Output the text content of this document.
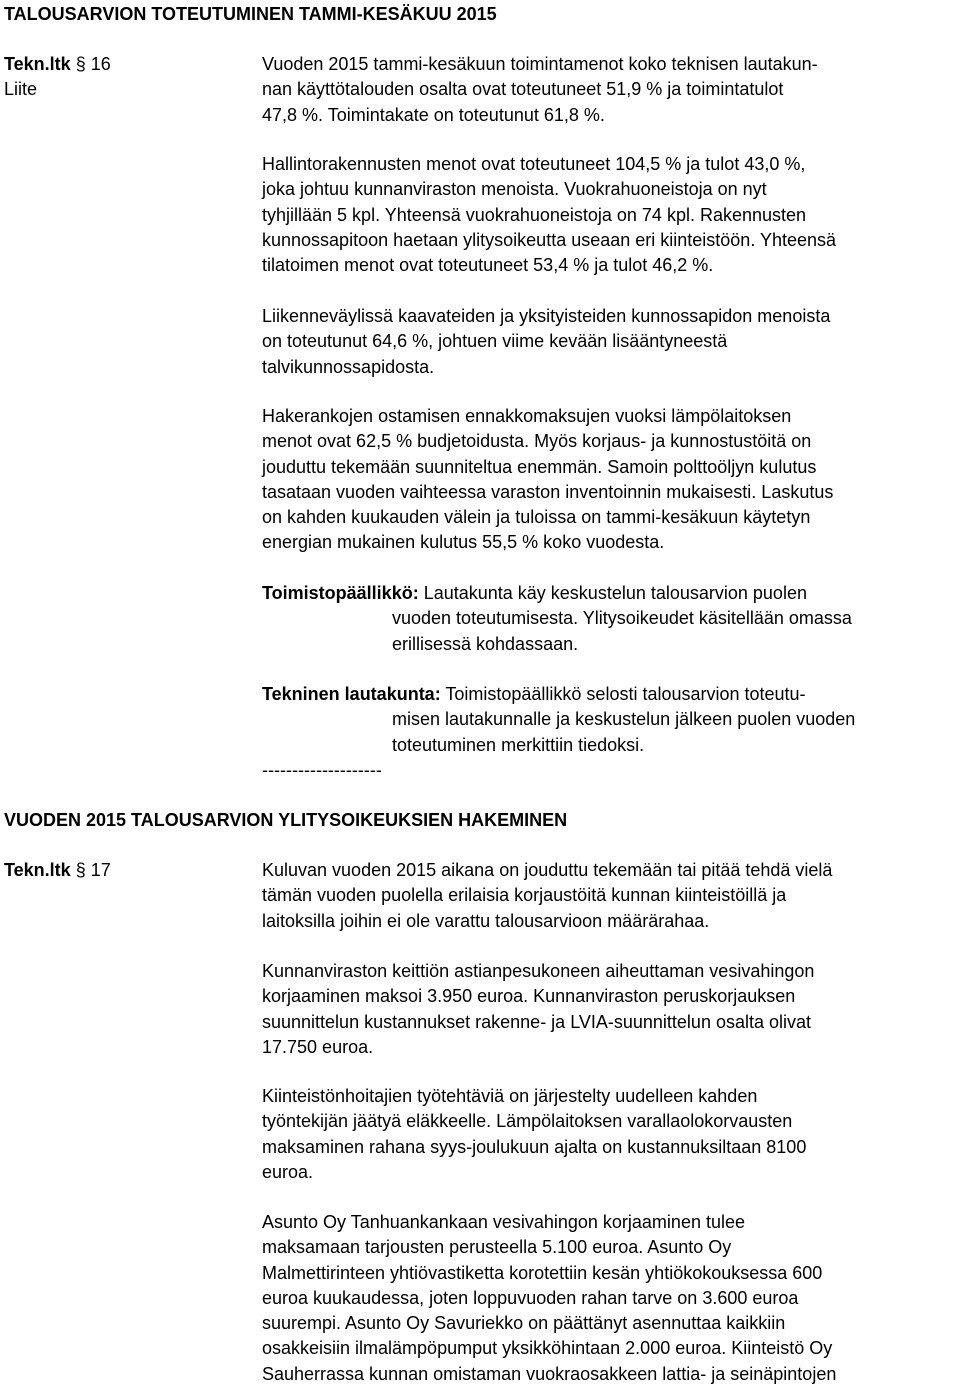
TALOUSARVION TOTEUTUMINEN TAMMI-KESÄKUU 2015
Tekn.ltk § 16
Liite

Vuoden 2015 tammi-kesäkuun toimintamenot koko teknisen lautakun-

nan käyttötalouden osalta ovat toteutuneet 51,9 % ja toimintatulot

47,8 %. Toimintakate on toteutunut 61,8 %.

Hallintorakennusten menot ovat toteutuneet 104,5 % ja tulot 43,0 %,

joka johtuu kunnanviraston menoista. Vuokrahuoneistoja on nyt

tyhjillään 5 kpl. Yhteensä vuokrahuoneistoja on 74 kpl. Rakennusten

kunnossapitoon haetaan ylitysoikeutta useaan eri kiinteistöön. Yhteensä

tilatoimen menot ovat toteutuneet 53,4 % ja tulot 46,2 %.

Liikenneväylissä kaavateiden ja yksityisteiden kunnossapidon menoista

on toteutunut 64,6 %, johtuen viime kevään lisääntyneestä

talvikunnossapidosta.

Hakerankojen ostamisen ennakkomaksujen vuoksi lämpölaitoksen

menot ovat 62,5 % budjetoidusta. Myös korjaus- ja kunnostustöitä on

jouduttu tekemään suunniteltua enemmän. Samoin polttoöljyn kulutus

tasataan vuoden vaihteessa varaston inventoinnin mukaisesti. Laskutus

on kahden kuukauden välein ja tuloissa on tammi-kesäkuun käytetyn

energian mukainen kulutus 55,5 % koko vuodesta.

Toimistopäällikkö: Lautakunta käy keskustelun talousarvion puolen

vuoden toteutumisesta. Ylitysoikeudet käsitellään omassa

erillisessä kohdassaan.

Tekninen lautakunta: Toimistopäällikkö selosti talousarvion toteutu-

misen lautakunnalle ja keskustelun jälkeen puolen vuoden

toteutuminen merkittiin tiedoksi.

--------------------
VUODEN 2015 TALOUSARVION YLITYSOIKEUKSIEN HAKEMINEN
Tekn.ltk § 17	Kuluvan vuoden 2015 aikana on jouduttu tekemään tai pitää tehdä vielä

tämän vuoden puolella erilaisia korjaustöitä kunnan kiinteistöillä ja

laitoksilla joihin ei ole varattu talousarvioon määrärahaa.

Kunnanviraston keittiön astianpesukoneen aiheuttaman vesivahingon

korjaaminen maksoi 3.950 euroa. Kunnanviraston peruskorjauksen

suunnittelun kustannukset rakenne- ja LVIA-suunnittelun osalta olivat

17.750 euroa.

Kiinteistönhoitajien työtehtäviä on järjestelty uudelleen kahden

työntekijän jäätyä eläkkeelle. Lämpölaitoksen varallaolokorvausten

maksaminen rahana syys-joulukuun ajalta on kustannuksiltaan 8100

euroa.

Asunto Oy Tanhuankankaan vesivahingon korjaaminen tulee

maksamaan tarjousten perusteella 5.100 euroa. Asunto Oy

Malmettirinteen yhtiövastiketta korotettiin kesän yhtiökokouksessa 600

euroa kuukaudessa, joten loppuvuoden rahan tarve on 3.600 euroa

suurempi. Asunto Oy Savuriekko on päättänyt asennuttaa kaikkiin

osakkeisiin ilmalämpöpumput yksikköhintaan 2.000 euroa. Kiinteistö Oy

Sauherrassa kunnan omistaman vuokraosakkeen lattia- ja seinäpintojen
